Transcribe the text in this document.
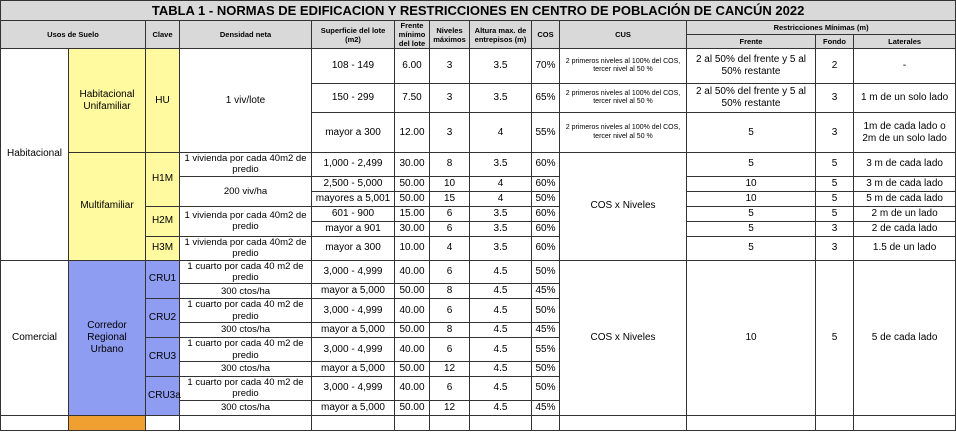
TABLA 1 - NORMAS DE EDIFICACION Y RESTRICCIONES EN CENTRO DE POBLACIÓN DE CANCÚN 2022												
Usos de Suelo		Clave	Densidad neta	Superficie del lote (m2)	Frente mínimo del lote	Niveles máximos	Altura max. de entrepisos (m)	COS	CUS	Restricciones Mínimas (m)		
										Frente	Fondo	Laterales
Habitacional	Habitacional Unifamiliar	HU	1 viv/lote	108 - 149	6.00	3	3.5	70%	2 primeros niveles al 100% del COS, tercer nivel al 50 %	2 al 50% del frente y 5 al 50% restante	2	-
				150 - 299	7.50	3	3.5	65%	2 primeros niveles al 100% del COS, tercer nivel al 50 %	2 al 50% del frente y 5 al 50% restante	3	1 m de un solo lado
				mayor a 300	12.00	3	4	55%	2 primeros niveles al 100% del COS, tercer nivel al 50 %	5	3	1m de cada lado o 2m de un solo lado
	Multifamiliar	H1M	1 vivienda por cada 40m2 de predio	1,000 - 2,499	30.00	8	3.5	60%	COS x Niveles	5	5	3 m de cada lado

			200 viv/ha	2,500 - 5,000	50.00	10	4	60%		10	5	3 m de cada lado
				mayores a 5,001	50.00	15	4	50%		10	5	5 m de cada lado

		H2M	1 vivienda por cada 40m2 de predio	601 - 900	15.00	6	3.5	60%		5	5	2 m de un lado
				mayor a 901	30.00	6	3.5	60%		5	3	2 de cada lado
		H3M	1 vivienda por cada 40m2 de predio	mayor a 300	10.00	4	3.5	60%		5	3	1.5 de un lado

Comercial	Corredor Regional Urbano	CRU1	1 cuarto por cada 40 m2 de predio	3,000 - 4,999	40.00	6	4.5	50%	COS x Niveles	10	5	5 de cada lado

			300 ctos/ha	mayor a 5,000	50.00	8	4.5	45%				
		CRU2	1 cuarto por cada 40 m2 de predio	3,000 - 4,999	40.00	6	4.5	50%				

			300 ctos/ha	mayor a 5,000	50.00	8	4.5	45%				
		CRU3	1 cuarto por cada 40 m2 de predio	3,000 - 4,999	40.00	6	4.5	55%				

			300 ctos/ha	mayor a 5,000	50.00	12	4.5	50%				
		CRU3a	1 cuarto por cada 40 m2 de predio	3,000 - 4,999	40.00	6	4.5	50%				

			300 ctos/ha	mayor a 5,000	50.00	12	4.5	45%				
